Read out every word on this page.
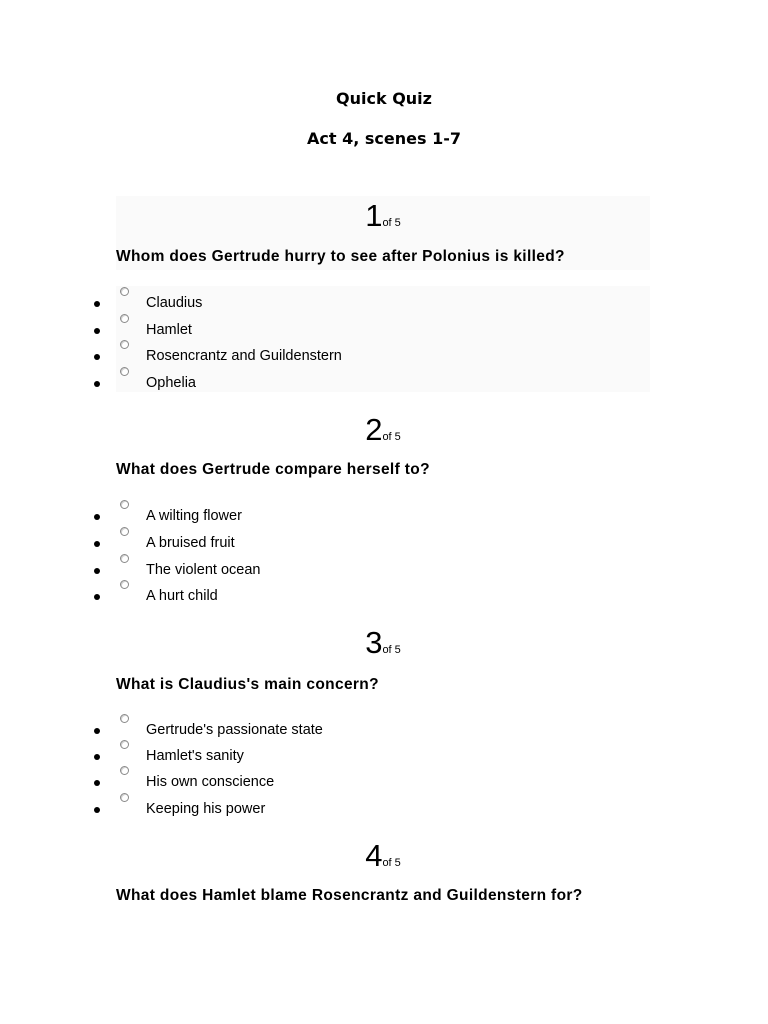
Quick Quiz
Act 4, scenes 1-7
1of 5
Whom does Gertrude hurry to see after Polonius is killed?
Claudius
Hamlet
Rosencrantz and Guildenstern
Ophelia
2of 5
What does Gertrude compare herself to?
A wilting flower
A bruised fruit
The violent ocean
A hurt child
3of 5
What is Claudius's main concern?
Gertrude's passionate state
Hamlet's sanity
His own conscience
Keeping his power
4of 5
What does Hamlet blame Rosencrantz and Guildenstern for?
